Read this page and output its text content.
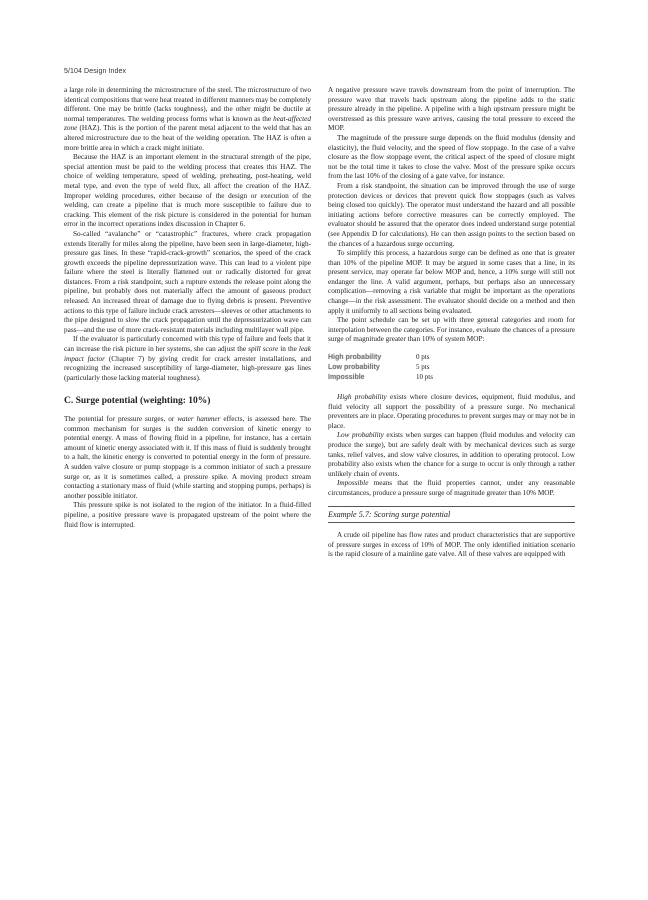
5/104 Design Index

a large role in determining the microstructure of the steel. The microstructure of two identical compositions that were heat treated in different manners may be completely different. One may be brittle (lacks toughness), and the other might be ductile at normal temperatures. The welding process forms what is known as the heat-affected zone (HAZ). This is the portion of the parent metal adjacent to the weld that has an altered microstructure due to the heat of the welding operation. The HAZ is often a more brittle area in which a crack might initiate.

Because the HAZ is an important element in the structural strength of the pipe, special attention must be paid to the welding process that creates this HAZ. The choice of welding temperature, speed of welding, preheating, post-heating, weld metal type, and even the type of weld flux, all affect the creation of the HAZ. Improper welding procedures, either because of the design or execution of the welding, can create a pipeline that is much more susceptible to failure due to cracking. This element of the risk picture is considered in the potential for human error in the incorrect operations index discussion in Chapter 6.

So-called “avalanche” or “catastrophic” fractures, where crack propagation extends literally for miles along the pipeline, have been seen in large-diameter, high-pressure gas lines. In these “rapid-crack-growth” scenarios, the speed of the crack growth exceeds the pipeline depressurization wave. This can lead to a violent pipe failure where the steel is literally flattened out or radically distorted for great distances. From a risk standpoint, such a rupture extends the release point along the pipeline, but probably does not materially affect the amount of gaseous product released. An increased threat of damage due to flying debris is present. Preventive actions to this type of failure include crack arresters—sleeves or other attachments to the pipe designed to slow the crack propagation until the depressurization wave can pass—and the use of more crack-resistant materials including multilayer wall pipe.

If the evaluator is particularly concerned with this type of failure and feels that it can increase the risk picture in her systems, she can adjust the spill score in the leak impact factor (Chapter 7) by giving credit for crack arrester installations, and recognizing the increased susceptibility of large-diameter, high-pressure gas lines (particularly those lacking material toughness).

C. Surge potential (weighting: 10%)

The potential for pressure surges, or water hammer effects, is assessed here. The common mechanism for surges is the sudden conversion of kinetic energy to potential energy. A mass of flowing fluid in a pipeline, for instance, has a certain amount of kinetic energy associated with it. If this mass of fluid is suddenly brought to a halt, the kinetic energy is converted to potential energy in the form of pressure. A sudden valve closure or pump stoppage is a common initiator of such a pressure surge or, as it is sometimes called, a pressure spike. A moving product stream contacting a stationary mass of fluid (while starting and stopping pumps, perhaps) is another possible initiator.

This pressure spike is not isolated to the region of the initiator. In a fluid-filled pipeline, a positive pressure wave is propagated upstream of the point where the fluid flow is interrupted.

A negative pressure wave travels downstream from the point of interruption. The pressure wave that travels back upstream along the pipeline adds to the static pressure already in the pipeline. A pipeline with a high upstream pressure might be overstressed as this pressure wave arrives, causing the total pressure to exceed the MOP.

The magnitude of the pressure surge depends on the fluid modulus (density and elasticity), the fluid velocity, and the speed of flow stoppage. In the case of a valve closure as the flow stoppage event, the critical aspect of the speed of closure might not be the total time it takes to close the valve. Most of the pressure spike occurs from the last 10% of the closing of a gate valve, for instance.

From a risk standpoint, the situation can be improved through the use of surge protection devices or devices that prevent quick flow stoppages (such as valves being closed too quickly). The operator must understand the hazard and all possible initiating actions before corrective measures can be correctly employed. The evaluator should be assured that the operator does indeed understand surge potential (see Appendix D for calculations). He can then assign points to the section based on the chances of a hazardous surge occurring.

To simplify this process, a hazardous surge can be defined as one that is greater than 10% of the pipeline MOP. It may be argued in some cases that a line, in its present service, may operate far below MOP and, hence, a 10% surge will still not endanger the line. A valid argument, perhaps, but perhaps also an unnecessary complication—removing a risk variable that might be important as the operations change—in the risk assessment. The evaluator should decide on a method and then apply it uniformly to all sections being evaluated.

The point schedule can be set up with three general categories and room for interpolation between the categories. For instance, evaluate the chances of a pressure surge of magnitude greater than 10% of system MOP:

High probability	0 pts
Low probability	5 pts
Impossible	10 pts

High probability exists where closure devices, equipment, fluid modulus, and fluid velocity all support the possibility of a pressure surge. No mechanical preventers are in place. Operating procedures to prevent surges may or may not be in place.

Low probability exists when surges can happen (fluid modulus and velocity can produce the surge), but are safely dealt with by mechanical devices such as surge tanks, relief valves, and slow valve closures, in addition to operating protocol. Low probability also exists when the chance for a surge to occur is only through a rather unlikely chain of events.

Impossible means that the fluid properties cannot, under any reasonable circumstances, produce a pressure surge of magnitude greater than 10% MOP.

Example 5.7: Scoring surge potential

A crude oil pipeline has flow rates and product characteristics that are supportive of pressure surges in excess of 10% of MOP. The only identified initiation scenario is the rapid closure of a mainline gate valve. All of these valves are equipped with
